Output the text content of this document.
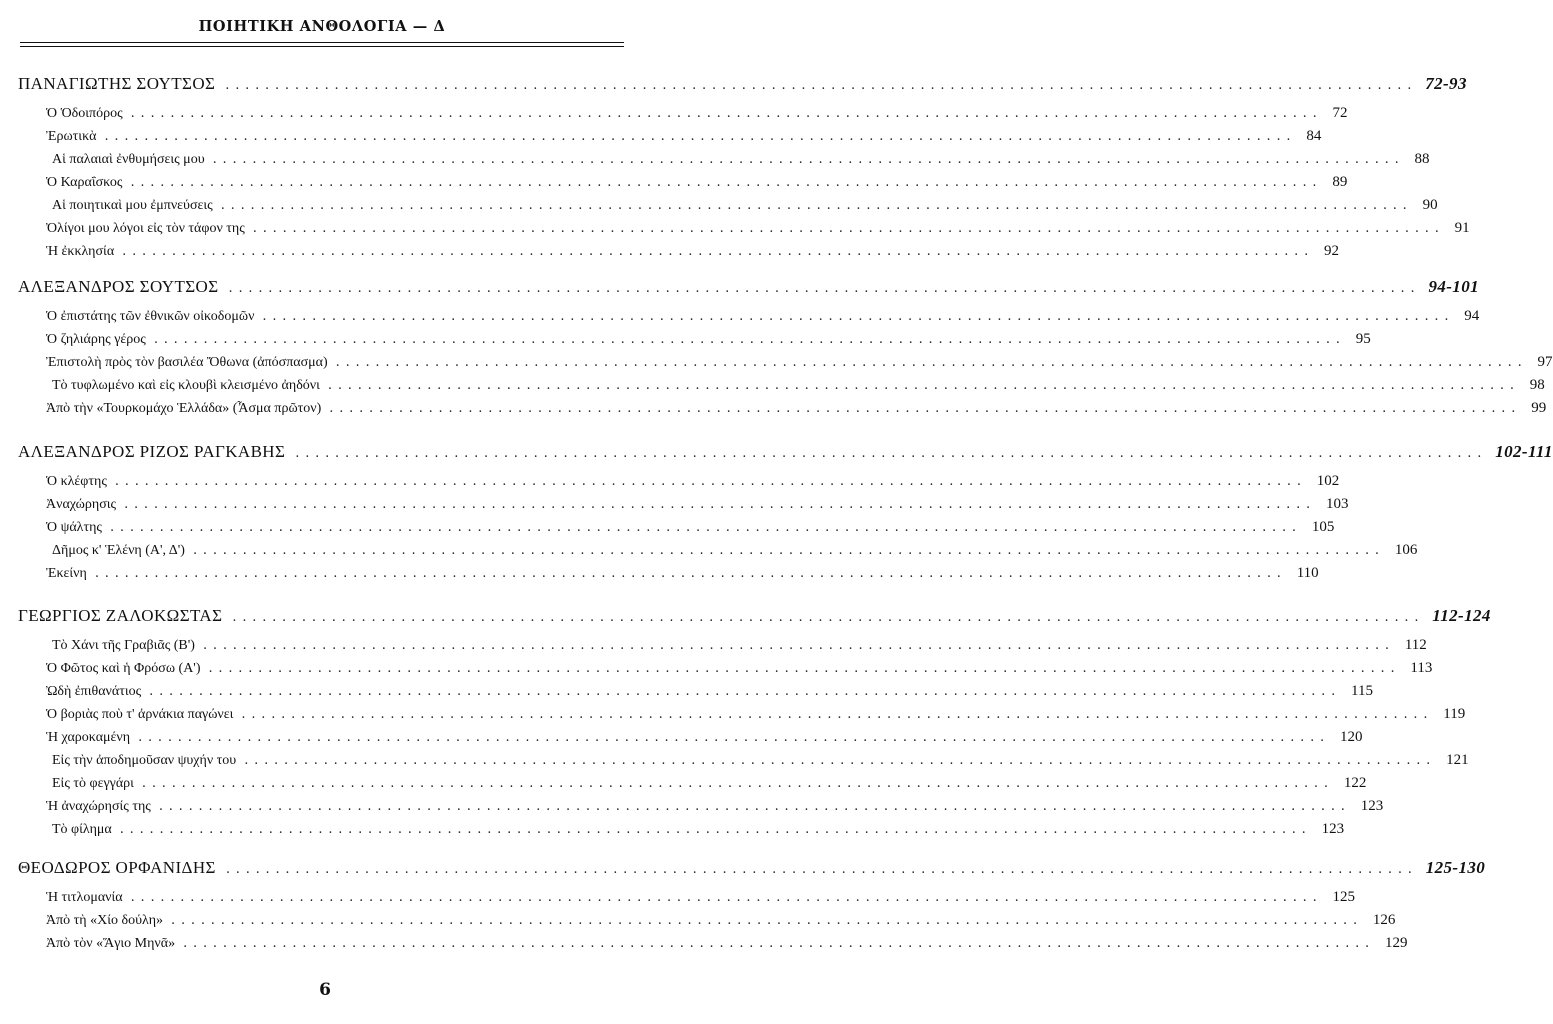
ΠΟΙΗΤΙΚΗ ΑΝΘΟΛΟΓΙΑ — Δ
ΠΑΝΑΓΙΩΤΗΣ ΣΟΥΤΣΟΣ ........................................................................................................................ 72-93
Ὁ Ὁδοιπόρος ........................................................................................................................ 72
Ἐρωτικὰ ........................................................................................................................ 84
Αἱ παλαιαὶ ἐνθυμήσεις μου ........................................................................................................................ 88
Ὁ Καραΐσκος ........................................................................................................................ 89
Αἱ ποιητικαὶ μου ἐμπνεύσεις ........................................................................................................................ 90
Ὀλίγοι μου λόγοι εἰς τὸν τάφον της ........................................................................................................................ 91
Ἡ ἐκκλησία ........................................................................................................................ 92
ΑΛΕΞΑΝΔΡΟΣ ΣΟΥΤΣΟΣ ........................................................................................................................ 94-101
Ὁ ἐπιστάτης τῶν ἐθνικῶν οἰκοδομῶν ........................................................................................................................ 94
Ὁ ζηλιάρης γέρος ........................................................................................................................ 95
Ἐπιστολὴ πρὸς τὸν βασιλέα Ὄθωνα (ἀπόσπασμα) ........................................................................................................................ 97
Τὸ τυφλωμένο καὶ εἰς κλουβὶ κλεισμένο ἀηδόνι ........................................................................................................................ 98
Ἀπὸ τὴν «Τουρκομάχο Ἑλλάδα» (Ἆσμα πρῶτον) ........................................................................................................................ 99
ΑΛΕΞΑΝΔΡΟΣ ΡΙΖΟΣ ΡΑΓΚΑΒΗΣ ........................................................................................................................ 102-111
Ὁ κλέφτης ........................................................................................................................ 102
Ἀναχώρησις ........................................................................................................................ 103
Ὁ ψάλτης ........................................................................................................................ 105
Δῆμος κ' Ἑλένη (Α', Δ') ........................................................................................................................ 106
Ἐκείνη ........................................................................................................................ 110
ΓΕΩΡΓΙΟΣ ΖΑΛΟΚΩΣΤΑΣ ........................................................................................................................ 112-124
Τὸ Χάνι τῆς Γραβιᾶς (Β') ........................................................................................................................ 112
Ὁ Φῶτος καὶ ἡ Φρόσω (Α') ........................................................................................................................ 113
Ὠδὴ ἐπιθανάτιος ........................................................................................................................ 115
Ὁ βοριὰς ποὺ τ' ἀρνάκια παγώνει ........................................................................................................................ 119
Ἡ χαροκαμένη ........................................................................................................................ 120
Εἰς τὴν ἀποδημοῦσαν ψυχήν του ........................................................................................................................ 121
Εἰς τὸ φεγγάρι ........................................................................................................................ 122
Ἡ ἀναχώρησίς της ........................................................................................................................ 123
Τὸ φίλημα ........................................................................................................................ 123
ΘΕΟΔΩΡΟΣ ΟΡΦΑΝΙΔΗΣ ........................................................................................................................ 125-130
Ἡ τιτλομανία ........................................................................................................................ 125
Ἀπὸ τὴ «Χίο δούλη» ........................................................................................................................ 126
Ἀπὸ τὸν «Ἅγιο Μηνᾶ» ........................................................................................................................ 129
6
